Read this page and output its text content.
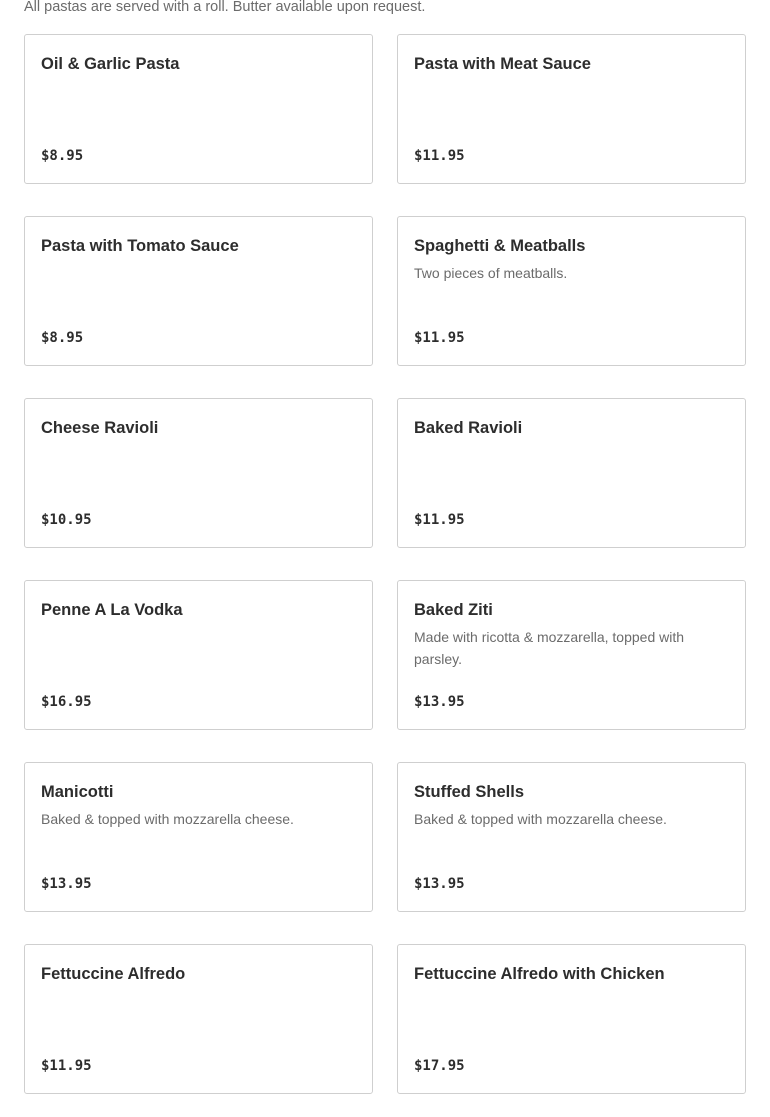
All pastas are served with a roll. Butter available upon request.
Oil & Garlic Pasta
$8.95
Pasta with Meat Sauce
$11.95
Pasta with Tomato Sauce
$8.95
Spaghetti & Meatballs
Two pieces of meatballs.
$11.95
Cheese Ravioli
$10.95
Baked Ravioli
$11.95
Penne A La Vodka
$16.95
Baked Ziti
Made with ricotta & mozzarella, topped with parsley.
$13.95
Manicotti
Baked & topped with mozzarella cheese.
$13.95
Stuffed Shells
Baked & topped with mozzarella cheese.
$13.95
Fettuccine Alfredo
$11.95
Fettuccine Alfredo with Chicken
$17.95
